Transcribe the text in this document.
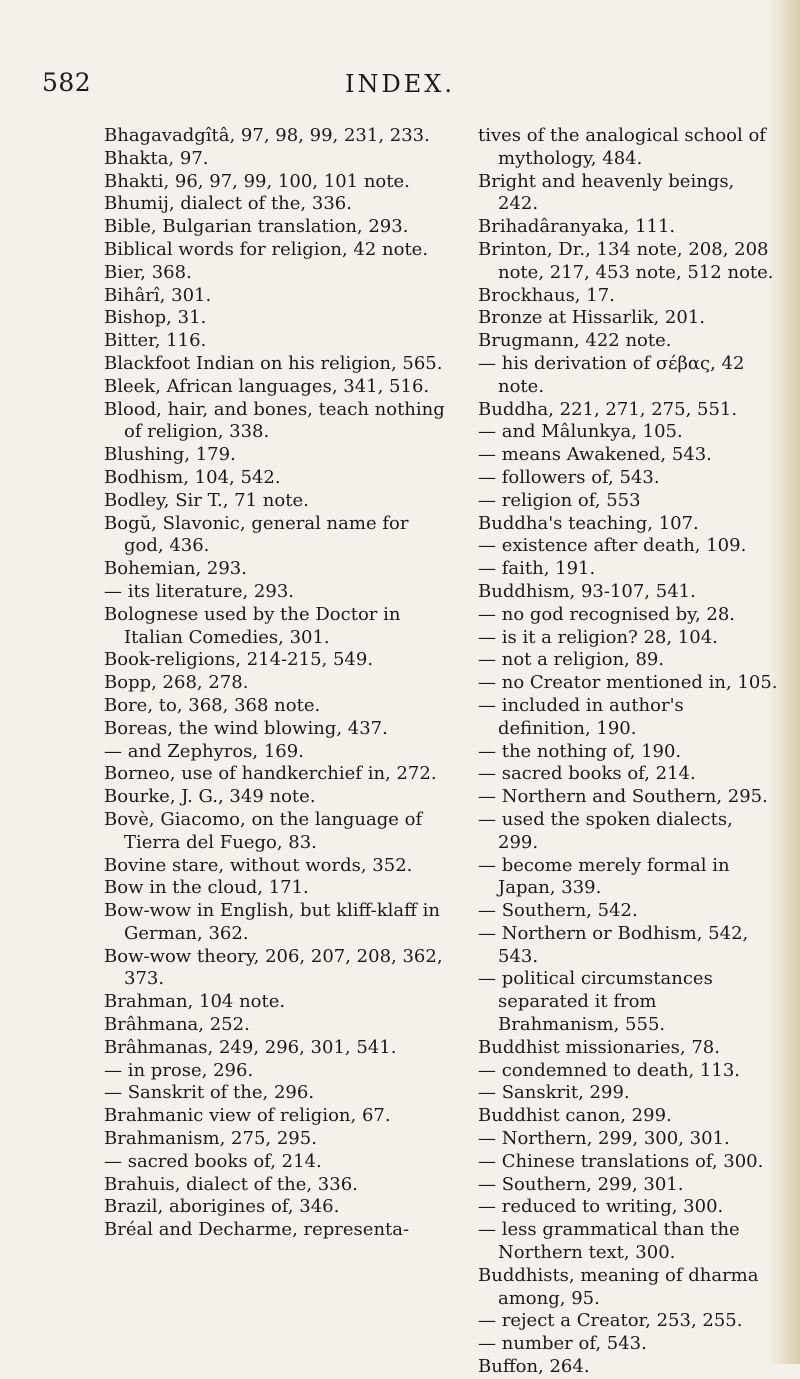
582	INDEX.
Bhagavadgîtâ, 97, 98, 99, 231, 233.
Bhakta, 97.
Bhakti, 96, 97, 99, 100, 101 note.
Bhumij, dialect of the, 336.
Bible, Bulgarian translation, 293.
Biblical words for religion, 42 note.
Bier, 368.
Bihârî, 301.
Bishop, 31.
Bitter, 116.
Blackfoot Indian on his religion, 565.
Bleek, African languages, 341, 516.
Blood, hair, and bones, teach nothing of religion, 338.
Blushing, 179.
Bodhism, 104, 542.
Bodley, Sir T., 71 note.
Bogŭ, Slavonic, general name for god, 436.
Bohemian, 293.
— its literature, 293.
Bolognese used by the Doctor in Italian Comedies, 301.
Book-religions, 214-215, 549.
Bopp, 268, 278.
Bore, to, 368, 368 note.
Boreas, the wind blowing, 437.
— and Zephyros, 169.
Borneo, use of handkerchief in, 272.
Bourke, J. G., 349 note.
Bovè, Giacomo, on the language of Tierra del Fuego, 83.
Bovine stare, without words, 352.
Bow in the cloud, 171.
Bow-wow in English, but kliff-klaff in German, 362.
Bow-wow theory, 206, 207, 208, 362, 373.
Brahman, 104 note.
Brâhmana, 252.
Brâhmanas, 249, 296, 301, 541.
— in prose, 296.
— Sanskrit of the, 296.
Brahmanic view of religion, 67.
Brahmanism, 275, 295.
— sacred books of, 214.
Brahuis, dialect of the, 336.
Brazil, aborigines of, 346.
Bréal and Decharme, representa-
tives of the analogical school of mythology, 484.
Bright and heavenly beings, 242.
Brihadâranyaka, 111.
Brinton, Dr., 134 note, 208, 208 note, 217, 453 note, 512 note.
Brockhaus, 17.
Bronze at Hissarlik, 201.
Brugmann, 422 note.
— his derivation of σέβας, 42 note.
Buddha, 221, 271, 275, 551.
— and Mâlunkya, 105.
— means Awakened, 543.
— followers of, 543.
— religion of, 553
Buddha's teaching, 107.
— existence after death, 109.
— faith, 191.
Buddhism, 93-107, 541.
— no god recognised by, 28.
— is it a religion? 28, 104.
— not a religion, 89.
— no Creator mentioned in, 105.
— included in author's definition, 190.
— the nothing of, 190.
— sacred books of, 214.
— Northern and Southern, 295.
— used the spoken dialects, 299.
— become merely formal in Japan, 339.
— Southern, 542.
— Northern or Bodhism, 542, 543.
— political circumstances separated it from Brahmanism, 555.
Buddhist missionaries, 78.
— condemned to death, 113.
— Sanskrit, 299.
Buddhist canon, 299.
— Northern, 299, 300, 301.
— Chinese translations of, 300.
— Southern, 299, 301.
— reduced to writing, 300.
— less grammatical than the Northern text, 300.
Buddhists, meaning of dharma among, 95.
— reject a Creator, 253, 255.
— number of, 543.
Buffon, 264.
